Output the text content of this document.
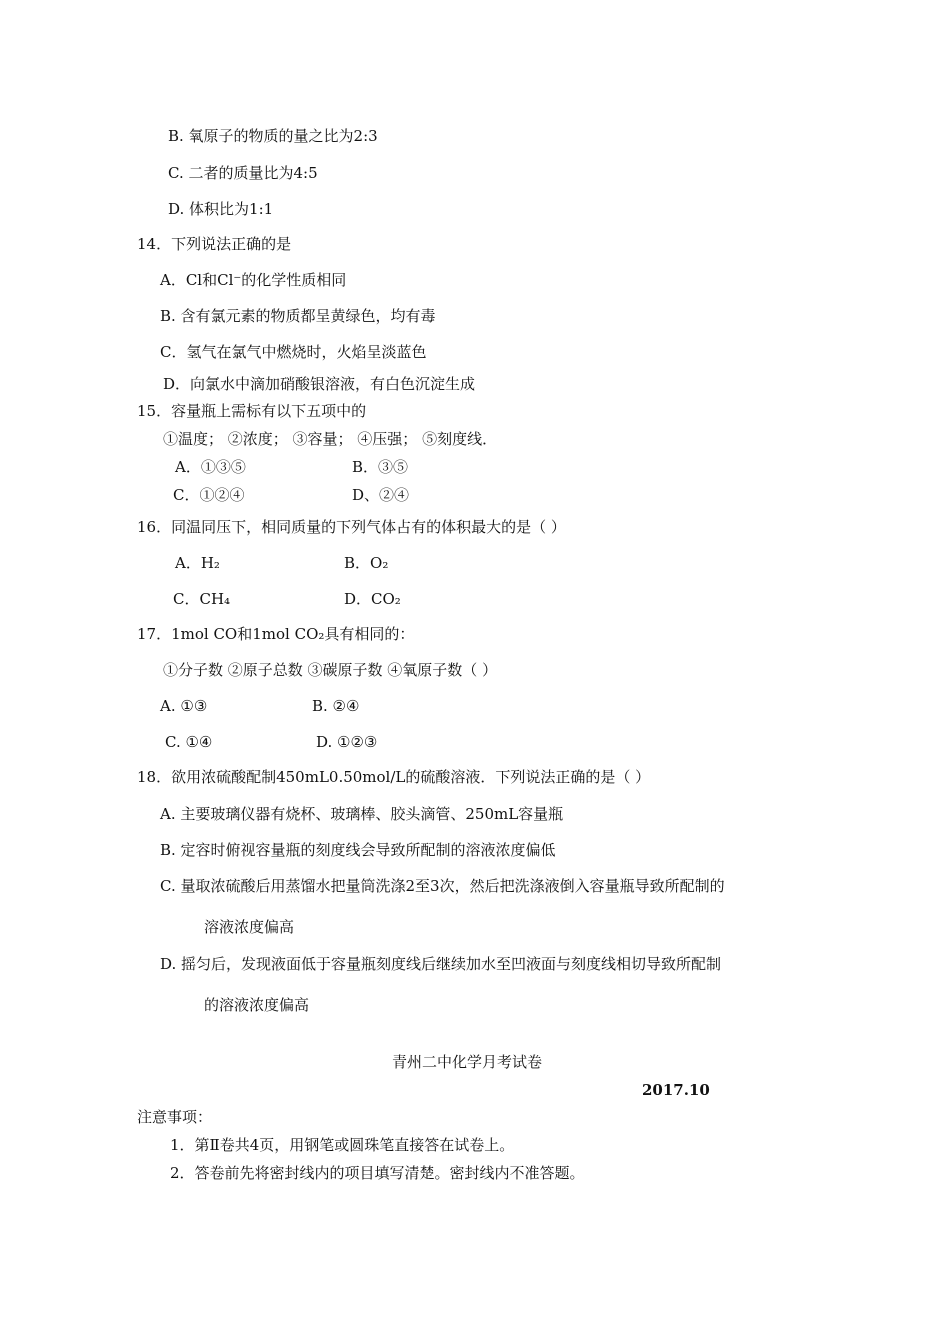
B. 氧原子的物质的量之比为2:3
C. 二者的质量比为4:5
D. 体积比为1:1
14．下列说法正确的是
A．Cl和Cl⁻的化学性质相同
B. 含有氯元素的物质都呈黄绿色，均有毒
C．氢气在氯气中燃烧时，火焰呈淡蓝色
D．向氯水中滴加硝酸银溶液，有白色沉淀生成
15．容量瓶上需标有以下五项中的
①温度； ②浓度； ③容量； ④压强； ⑤刻度线．
A．①③⑤	B．③⑤
C．①②④	D、②④
16．同温同压下，相同质量的下列气体占有的体积最大的是（ ）
A．H₂	B．O₂
C．CH₄	D．CO₂
17．1mol CO和1mol CO₂具有相同的：
①分子数 ②原子总数 ③碳原子数 ④氧原子数（ ）
A. ①③	B. ②④
C. ①④	D. ①②③
18．欲用浓硫酸配制450mL0.50mol/L的硫酸溶液．下列说法正确的是（ ）
A. 主要玻璃仪器有烧杯、玻璃棒、胶头滴管、250mL容量瓶
B. 定容时俯视容量瓶的刻度线会导致所配制的溶液浓度偏低
C. 量取浓硫酸后用蒸馏水把量筒洗涤2至3次，然后把洗涤液倒入容量瓶导致所配制的
溶液浓度偏高
D. 摇匀后，发现液面低于容量瓶刻度线后继续加水至凹液面与刻度线相切导致所配制
的溶液浓度偏高
青州二中化学月考试卷
2017.10
注意事项：
1．第Ⅱ卷共4页，用钢笔或圆珠笔直接答在试卷上。
2．答卷前先将密封线内的项目填写清楚。密封线内不准答题。
